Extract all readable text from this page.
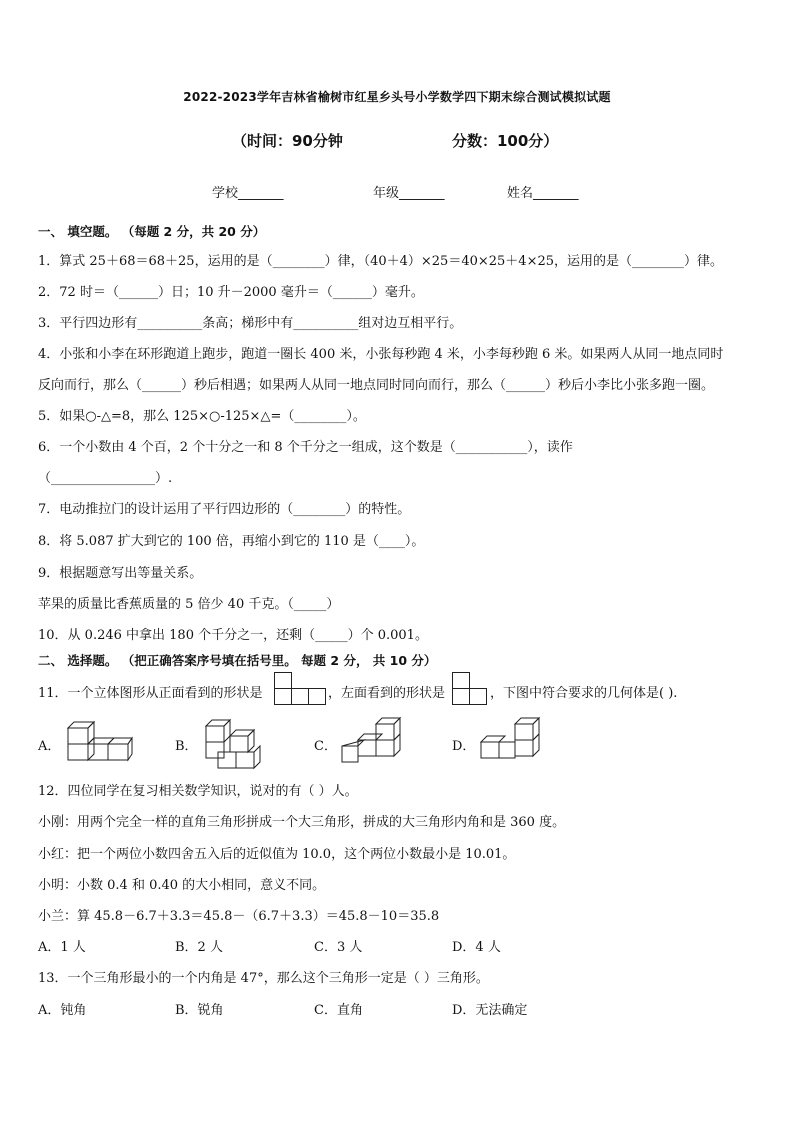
2022-2023学年吉林省榆树市红星乡头号小学数学四下期末综合测试模拟试题
（时间：90分钟	分数：100分）
学校_______	年级_______	姓名_______
一、 填空题。 （每题 2 分，共 20 分）
1．算式 25＋68＝68＋25，运用的是（________）律，（40＋4）×25＝40×25＋4×25，运用的是（________）律。
2．72 时＝（______）日；10 升－2000 毫升＝（______）毫升。
3．平行四边形有__________条高；梯形中有__________组对边互相平行。
4．小张和小李在环形跑道上跑步，跑道一圈长 400 米，小张每秒跑 4 米，小李每秒跑 6 米。如果两人从同一地点同时
反向而行，那么（______）秒后相遇；如果两人从同一地点同时同向而行，那么（______）秒后小李比小张多跑一圈。
5．如果○-△=8，那么 125×○-125×△=（________）。
6．一个小数由 4 个百，2 个十分之一和 8 个千分之一组成，这个数是（___________），读作
（________________）.
7．电动推拉门的设计运用了平行四边形的（________）的特性。
8．将 5.087 扩大到它的 100 倍，再缩小到它的 110 是（____）。
9．根据题意写出等量关系。
苹果的质量比香蕉质量的 5 倍少 40 千克。（_____）
10．从 0.246 中拿出 180 个千分之一，还剩（_____）个 0.001。
二、 选择题。 （把正确答案序号填在括号里。 每题 2 分， 共 10 分）
11．一个立体图形从正面看到的形状是	，左面看到的形状是	，下图中符合要求的几何体是( ).
A．	B．	C．	D．
12．四位同学在复习相关数学知识，说对的有（ ）人。
小刚：用两个完全一样的直角三角形拼成一个大三角形，拼成的大三角形内角和是 360 度。
小红：把一个两位小数四舍五入后的近似值为 10.0，这个两位小数最小是 10.01。
小明：小数 0.4 和 0.40 的大小相同，意义不同。
小兰：算 45.8－6.7＋3.3＝45.8－（6.7＋3.3）＝45.8－10＝35.8
A．1 人	B．2 人	C．3 人	D．4 人
13．一个三角形最小的一个内角是 47°，那么这个三角形一定是（ ）三角形。
A．钝角	B．锐角	C．直角	D．无法确定
